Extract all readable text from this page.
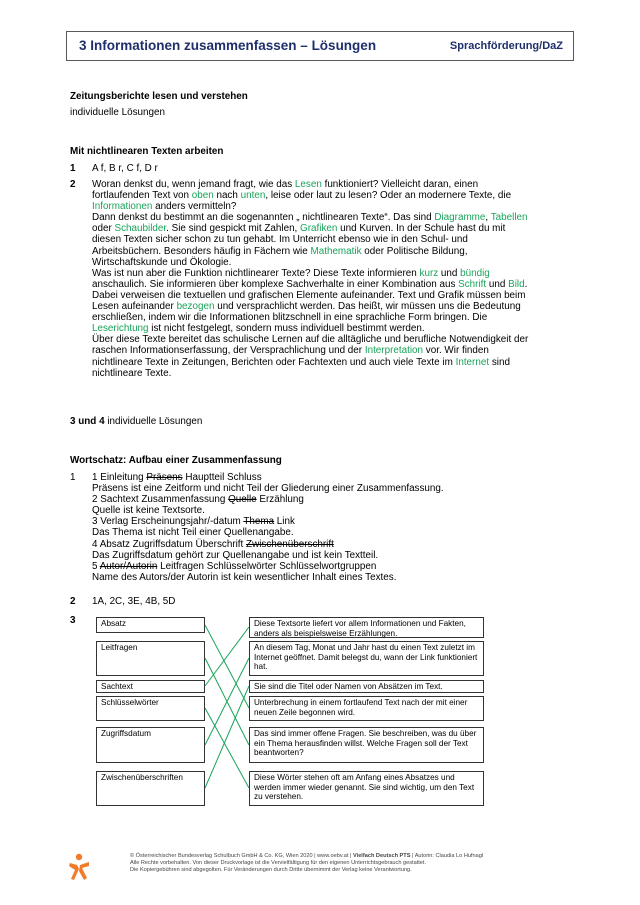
3 Informationen zusammenfassen – Lösungen	Sprachförderung/DaZ
Zeitungsberichte lesen und verstehen
individuelle Lösungen
Mit nichtlinearen Texten arbeiten
1 A f, B r, C f, D r
2 Woran denkst du, wenn jemand fragt, wie das Lesen funktioniert? Vielleicht daran, einen
fortlaufenden Text von oben nach unten, leise oder laut zu lesen? Oder an modernere Texte, die
Informationen anders vermitteln?
Dann denkst du bestimmt an die sogenannten „ nichtlinearen Texte“. Das sind Diagramme, Tabellen
oder Schaubilder. Sie sind gespickt mit Zahlen, Grafiken und Kurven. In der Schule hast du mit
diesen Texten sicher schon zu tun gehabt. Im Unterricht ebenso wie in den Schul- und
Arbeitsbüchern. Besonders häufig in Fächern wie Mathematik oder Politische Bildung,
Wirtschaftskunde und Ökologie.
Was ist nun aber die Funktion nichtlinearer Texte? Diese Texte informieren kurz und bündig
anschaulich. Sie informieren über komplexe Sachverhalte in einer Kombination aus Schrift und Bild.
Dabei verweisen die textuellen und grafischen Elemente aufeinander. Text und Grafik müssen beim
Lesen aufeinander bezogen und versprachlicht werden. Das heißt, wir müssen uns die Bedeutung
erschließen, indem wir die Informationen blitzschnell in eine sprachliche Form bringen. Die
Leserichtung ist nicht festgelegt, sondern muss individuell bestimmt werden.
Über diese Texte bereitet das schulische Lernen auf die alltägliche und berufliche Notwendigkeit der
raschen Informationserfassung, der Versprachlichung und der Interpretation vor. Wir finden
nichtlineare Texte in Zeitungen, Berichten oder Fachtexten und auch viele Texte im Internet sind
nichtlineare Texte.
3 und 4 individuelle Lösungen
Wortschatz: Aufbau einer Zusammenfassung
1 1 Einleitung Präsens Hauptteil Schluss
Präsens ist eine Zeitform und nicht Teil der Gliederung einer Zusammenfassung.
2 Sachtext Zusammenfassung Quelle Erzählung
Quelle ist keine Textsorte.
3 Verlag Erscheinungsjahr/-datum Thema Link
Das Thema ist nicht Teil einer Quellenangabe.
4 Absatz Zugriffsdatum Überschrift Zwischenüberschrift
Das Zugriffsdatum gehört zur Quellenangabe und ist kein Textteil.
5 Autor/Autorin Leitfragen Schlüsselwörter Schlüsselwortgruppen
Name des Autors/der Autorin ist kein wesentlicher Inhalt eines Textes.
2 1A, 2C, 3E, 4B, 5D
3	Absatz
Leitfragen
Sachtext
Schlüsselwörter
Zugriffsdatum
Zwischenüberschriften
Diese Textsorte liefert vor allem Informationen und Fakten, anders als beispielsweise Erzählungen.
An diesem Tag, Monat und Jahr hast du einen Text zuletzt im Internet geöffnet. Damit belegst du, wann der Link funktioniert hat.
Sie sind die Titel oder Namen von Absätzen im Text.
Unterbrechung in einem fortlaufend Text nach der mit einer neuen Zeile begonnen wird.
Das sind immer offene Fragen. Sie beschreiben, was du über ein Thema herausfinden willst. Welche Fragen soll der Text beantworten?
Diese Wörter stehen oft am Anfang eines Absatzes und werden immer wieder genannt. Sie sind wichtig, um den Text zu verstehen.
© Österreichischer Bundesverlag Schulbuch GmbH & Co. KG, Wien 2020 | www.oebv.at | Vielfach Deutsch PTS | Autorin: Claudia Lo Hufnagl
Alle Rechte vorbehalten. Von dieser Druckvorlage ist die Vervielfältigung für den eigenen Unterrichtsgebrauch gestattet.
Die Kopiergebühren sind abgegolten. Für Veränderungen durch Dritte übernimmt der Verlag keine Verantwortung.
